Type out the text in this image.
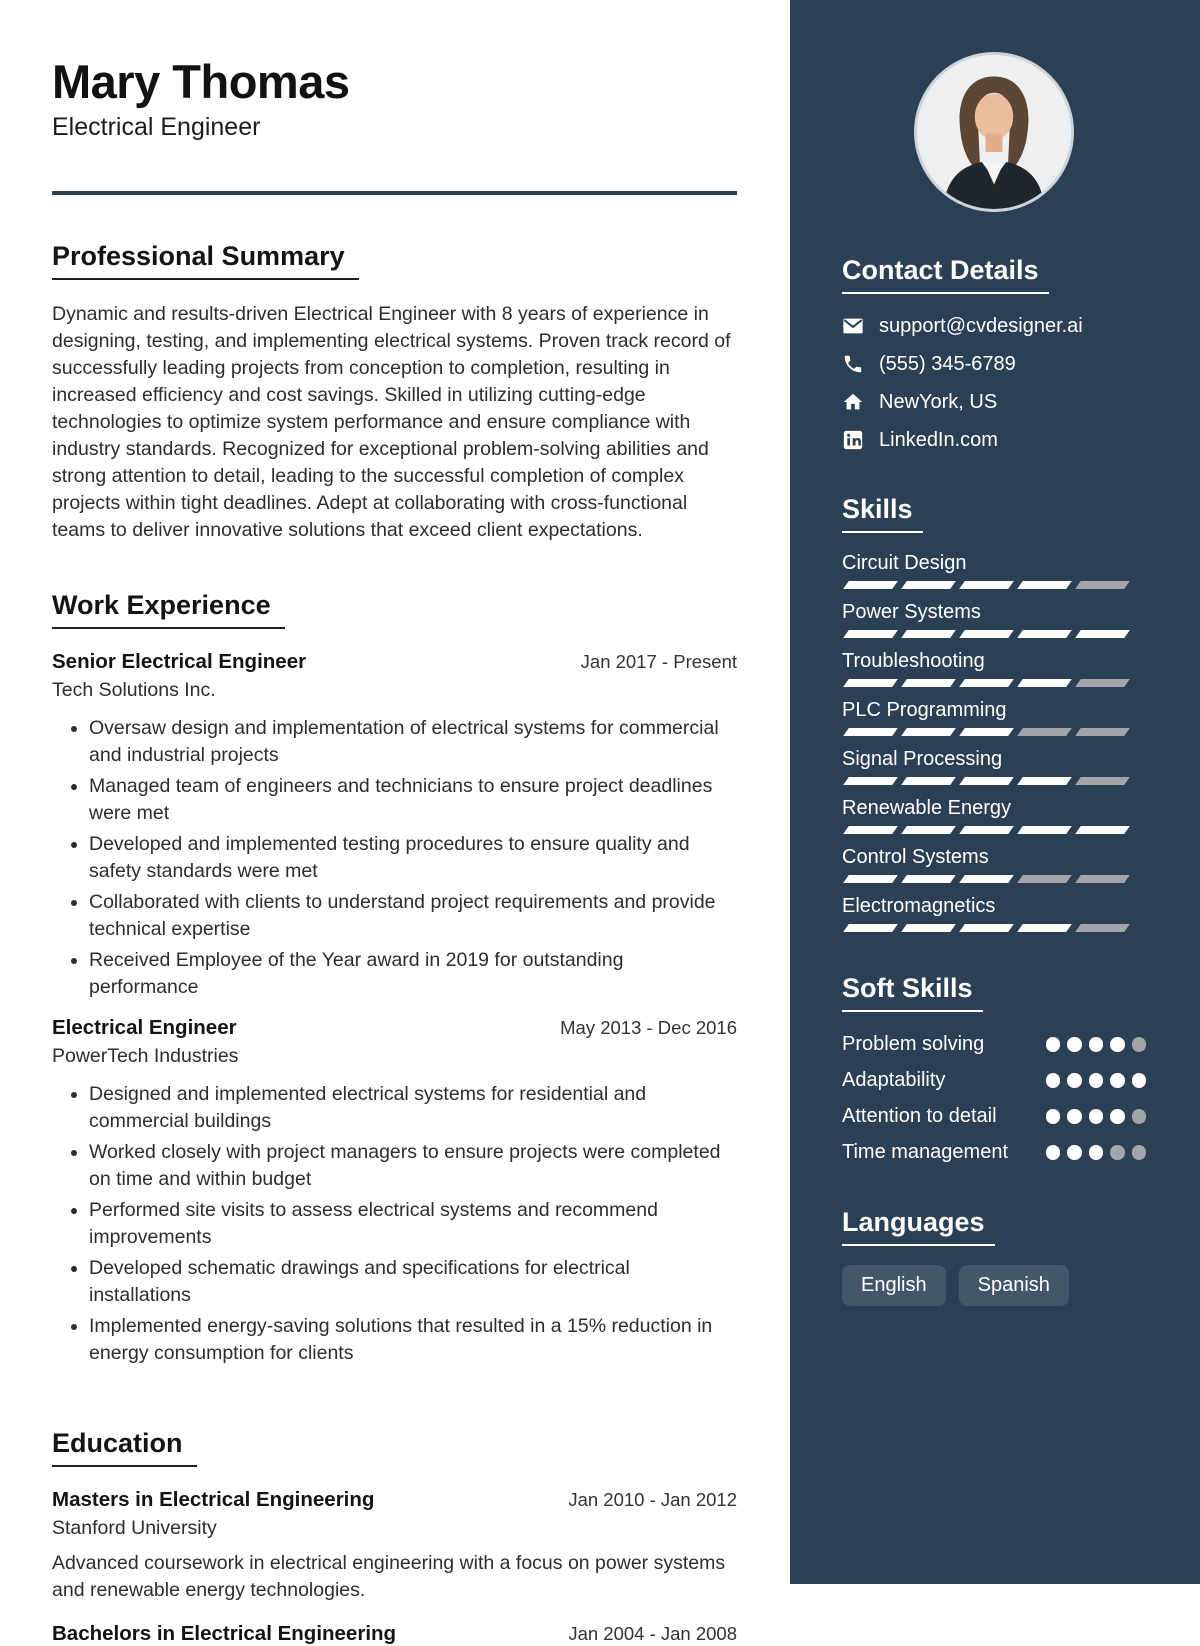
Mary Thomas
Electrical Engineer
Professional Summary

Dynamic and results-driven Electrical Engineer with 8 years of experience in designing, testing, and implementing electrical systems. Proven track record of successfully leading projects from conception to completion, resulting in increased efficiency and cost savings. Skilled in utilizing cutting-edge technologies to optimize system performance and ensure compliance with industry standards. Recognized for exceptional problem-solving abilities and strong attention to detail, leading to the successful completion of complex projects within tight deadlines. Adept at collaborating with cross-functional teams to deliver innovative solutions that exceed client expectations.

Work Experience
Senior Electrical Engineer	Jan 2017 - Present
Tech Solutions Inc.
• Oversaw design and implementation of electrical systems for commercial and industrial projects
• Managed team of engineers and technicians to ensure project deadlines were met
• Developed and implemented testing procedures to ensure quality and safety standards were met
• Collaborated with clients to understand project requirements and provide technical expertise
• Received Employee of the Year award in 2019 for outstanding performance
Electrical Engineer	May 2013 - Dec 2016
PowerTech Industries
• Designed and implemented electrical systems for residential and commercial buildings
• Worked closely with project managers to ensure projects were completed on time and within budget
• Performed site visits to assess electrical systems and recommend improvements
• Developed schematic drawings and specifications for electrical installations
• Implemented energy-saving solutions that resulted in a 15% reduction in energy consumption for clients
Education
Masters in Electrical Engineering	Jan 2010 - Jan 2012
Stanford University

Advanced coursework in electrical engineering with a focus on power systems and renewable energy technologies.

Bachelors in Electrical Engineering	Jan 2004 - Jan 2008
Contact Details
support@cvdesigner.ai
(555) 345-6789
NewYork, US
LinkedIn.com
Skills
Circuit Design
Power Systems
Troubleshooting
PLC Programming
Signal Processing
Renewable Energy
Control Systems
Electromagnetics
Soft Skills
Problem solving
Adaptability
Attention to detail
Time management
Languages
English	Spanish
